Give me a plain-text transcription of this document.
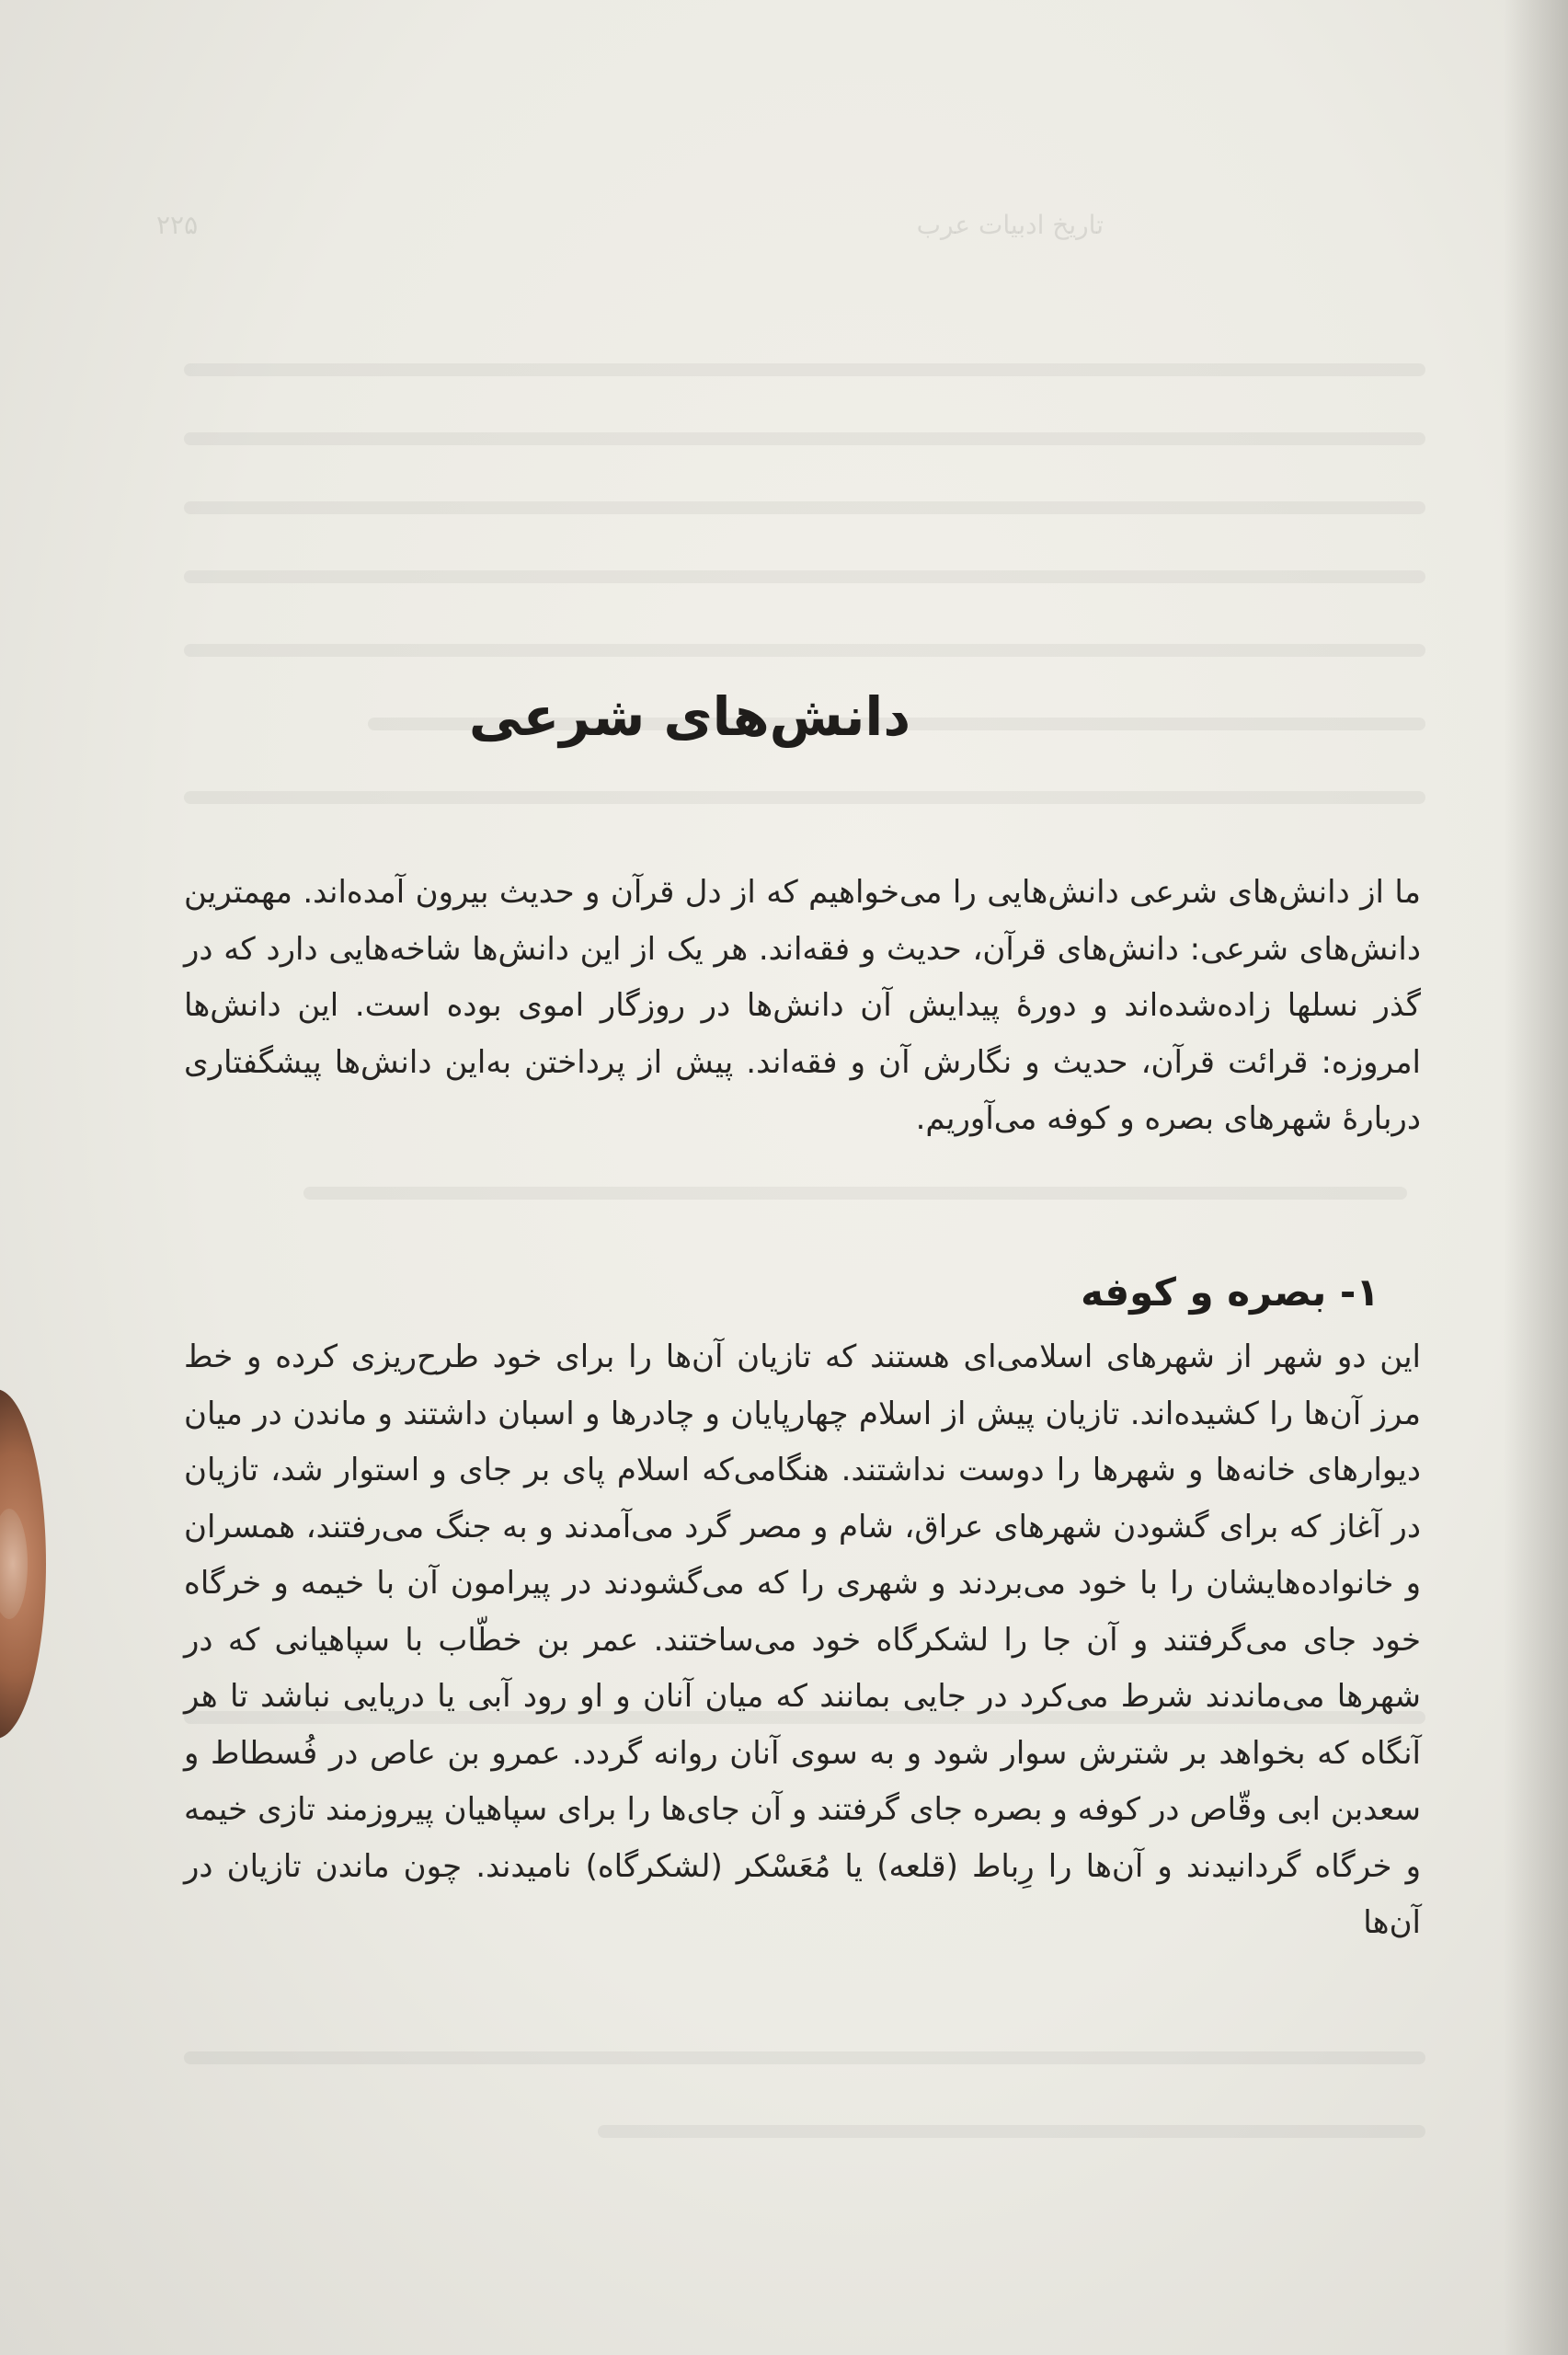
تاریخ ادبیات عرب
۲۲۵
دانش‌های شرعی

ما از دانش‌های شرعی دانش‌هایی را می‌خواهیم که از دل قرآن و حدیث بیرون آمده‌اند. مهمترین دانش‌های شرعی: دانش‌های قرآن، حدیث و فقه‌اند. هر یک از این دانش‌ها شاخه‌هایی دارد که در گذر نسلها زاده‌شده‌اند و دورهٔ پیدایش آن دانش‌ها در روزگار اموی بوده است. این دانش‌ها امروزه: قرائت قرآن، حدیث و نگارش آن و فقه‌اند. پیش از پرداختن به‌این دانش‌ها پیشگفتاری دربارهٔ شهرهای بصره و کوفه می‌آوریم.

۱- بصره و کوفه

این دو شهر از شهرهای اسلامی‌ای هستند که تازیان آن‌ها را برای خود طرح‌ریزی کرده و خط مرز آن‌ها را کشیده‌اند. تازیان پیش از اسلام چهارپایان و چادرها و اسبان داشتند و ماندن در میان دیوارهای خانه‌ها و شهرها را دوست نداشتند. هنگامی‌که اسلام پای بر جای و استوار شد، تازیان در آغاز که برای گشودن شهرهای عراق، شام و مصر گرد می‌آمدند و به جنگ می‌رفتند، همسران و خانواده‌هایشان را با خود می‌بردند و شهری را که می‌گشودند در پیرامون آن با خیمه و خرگاه خود جای می‌گرفتند و آن جا را لشکرگاه خود می‌ساختند. عمر بن خطّاب با سپاهیانی که در شهرها می‌ماندند شرط می‌کرد در جایی بمانند که میان آنان و او رود آبی یا دریایی نباشد تا هر آنگاه که بخواهد بر شترش سوار شود و به سوی آنان روانه گردد. عمرو بن عاص در فُسطاط و سعدبن ابی وقّاص در کوفه و بصره جای گرفتند و آن جای‌ها را برای سپاهیان پیروزمند تازی خیمه و خرگاه گردانیدند و آن‌ها را رِباط (قلعه) یا مُعَسْکر (لشکرگاه) نامیدند. چون ماندن تازیان در آن‌ها
